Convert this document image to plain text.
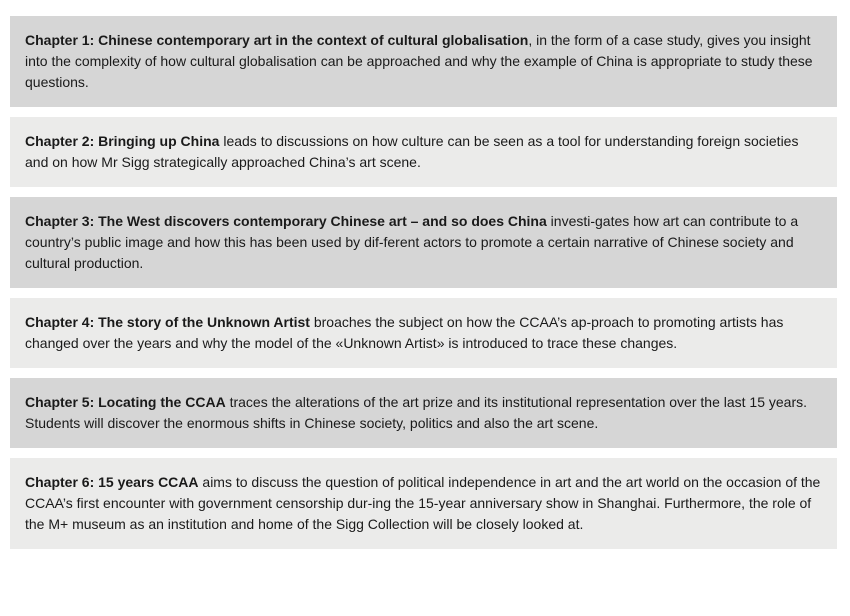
Chapter 1: Chinese contemporary art in the context of cultural globalisation, in the form of a case study, gives you insight into the complexity of how cultural globalisation can be approached and why the example of China is appropriate to study these questions.
Chapter 2: Bringing up China leads to discussions on how culture can be seen as a tool for understanding foreign societies and on how Mr Sigg strategically approached China’s art scene.
Chapter 3: The West discovers contemporary Chinese art – and so does China investi-gates how art can contribute to a country’s public image and how this has been used by dif-ferent actors to promote a certain narrative of Chinese society and cultural production.
Chapter 4: The story of the Unknown Artist broaches the subject on how the CCAA’s ap-proach to promoting artists has changed over the years and why the model of the «Unknown Artist» is introduced to trace these changes.
Chapter 5: Locating the CCAA traces the alterations of the art prize and its institutional representation over the last 15 years. Students will discover the enormous shifts in Chinese society, politics and also the art scene.
Chapter 6: 15 years CCAA aims to discuss the question of political independence in art and the art world on the occasion of the CCAA’s first encounter with government censorship dur-ing the 15-year anniversary show in Shanghai. Furthermore, the role of the M+ museum as an institution and home of the Sigg Collection will be closely looked at.
